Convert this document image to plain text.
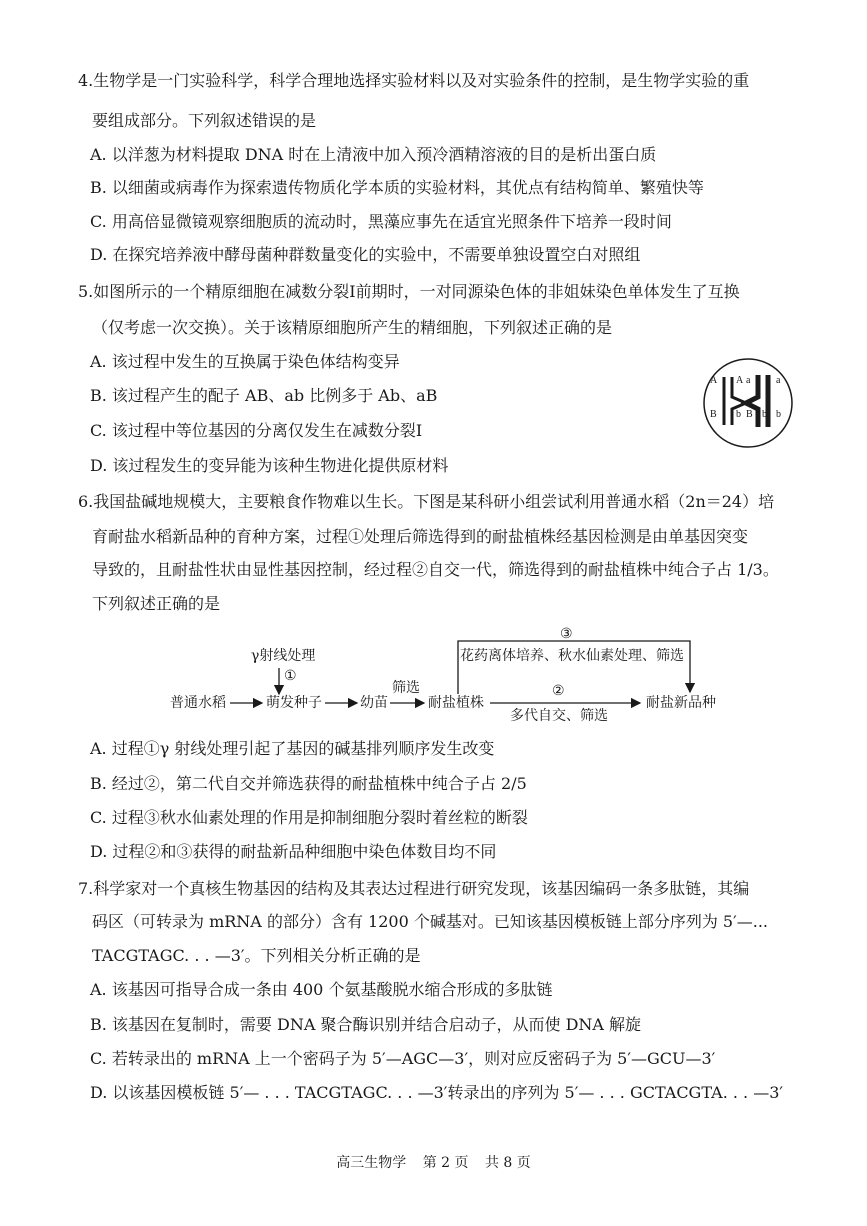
4.生物学是一门实验科学，科学合理地选择实验材料以及对实验条件的控制，是生物学实验的重
要组成部分。下列叙述错误的是
A. 以洋葱为材料提取 DNA 时在上清液中加入预冷酒精溶液的目的是析出蛋白质
B. 以细菌或病毒作为探索遗传物质化学本质的实验材料，其优点有结构简单、繁殖快等
C. 用高倍显微镜观察细胞质的流动时，黑藻应事先在适宜光照条件下培养一段时间
D. 在探究培养液中酵母菌种群数量变化的实验中，不需要单独设置空白对照组
5.如图所示的一个精原细胞在减数分裂Ⅰ前期时，一对同源染色体的非姐妹染色单体发生了互换
（仅考虑一次交换）。关于该精原细胞所产生的精细胞，下列叙述正确的是
A. 该过程中发生的互换属于染色体结构变异
B. 该过程产生的配子 AB、ab 比例多于 Ab、aB
C. 该过程中等位基因的分离仅发生在减数分裂Ⅰ
D. 该过程发生的变异能为该种生物进化提供原材料
A A a	a
B b B b b
6.我国盐碱地规模大，主要粮食作物难以生长。下图是某科研小组尝试利用普通水稻（2n＝24）培
育耐盐水稻新品种的育种方案，过程①处理后筛选得到的耐盐植株经基因检测是由单基因突变
导致的，且耐盐性状由显性基因控制，经过程②自交一代，筛选得到的耐盐植株中纯合子占 1/3。
下列叙述正确的是
γ射线处理
①
普通水稻	萌发种子	幼苗
筛选
耐盐植株
③
花药离体培养、秋水仙素处理、筛选
②
多代自交、筛选
耐盐新品种
A. 过程①γ 射线处理引起了基因的碱基排列顺序发生改变
B. 经过②，第二代自交并筛选获得的耐盐植株中纯合子占 2/5
C. 过程③秋水仙素处理的作用是抑制细胞分裂时着丝粒的断裂
D. 过程②和③获得的耐盐新品种细胞中染色体数目均不同
7.科学家对一个真核生物基因的结构及其表达过程进行研究发现，该基因编码一条多肽链，其编
码区（可转录为 mRNA 的部分）含有 1200 个碱基对。已知该基因模板链上部分序列为 5′—...
TACGTAGC. . . —3′。下列相关分析正确的是
A. 该基因可指导合成一条由 400 个氨基酸脱水缩合形成的多肽链
B. 该基因在复制时，需要 DNA 聚合酶识别并结合启动子，从而使 DNA 解旋
C. 若转录出的 mRNA 上一个密码子为 5′—AGC—3′，则对应反密码子为 5′—GCU—3′
D. 以该基因模板链 5′— . . . TACGTAGC. . . —3′转录出的序列为 5′— . . . GCTACGTA. . . —3′
高三生物学 第 2 页 共 8 页
